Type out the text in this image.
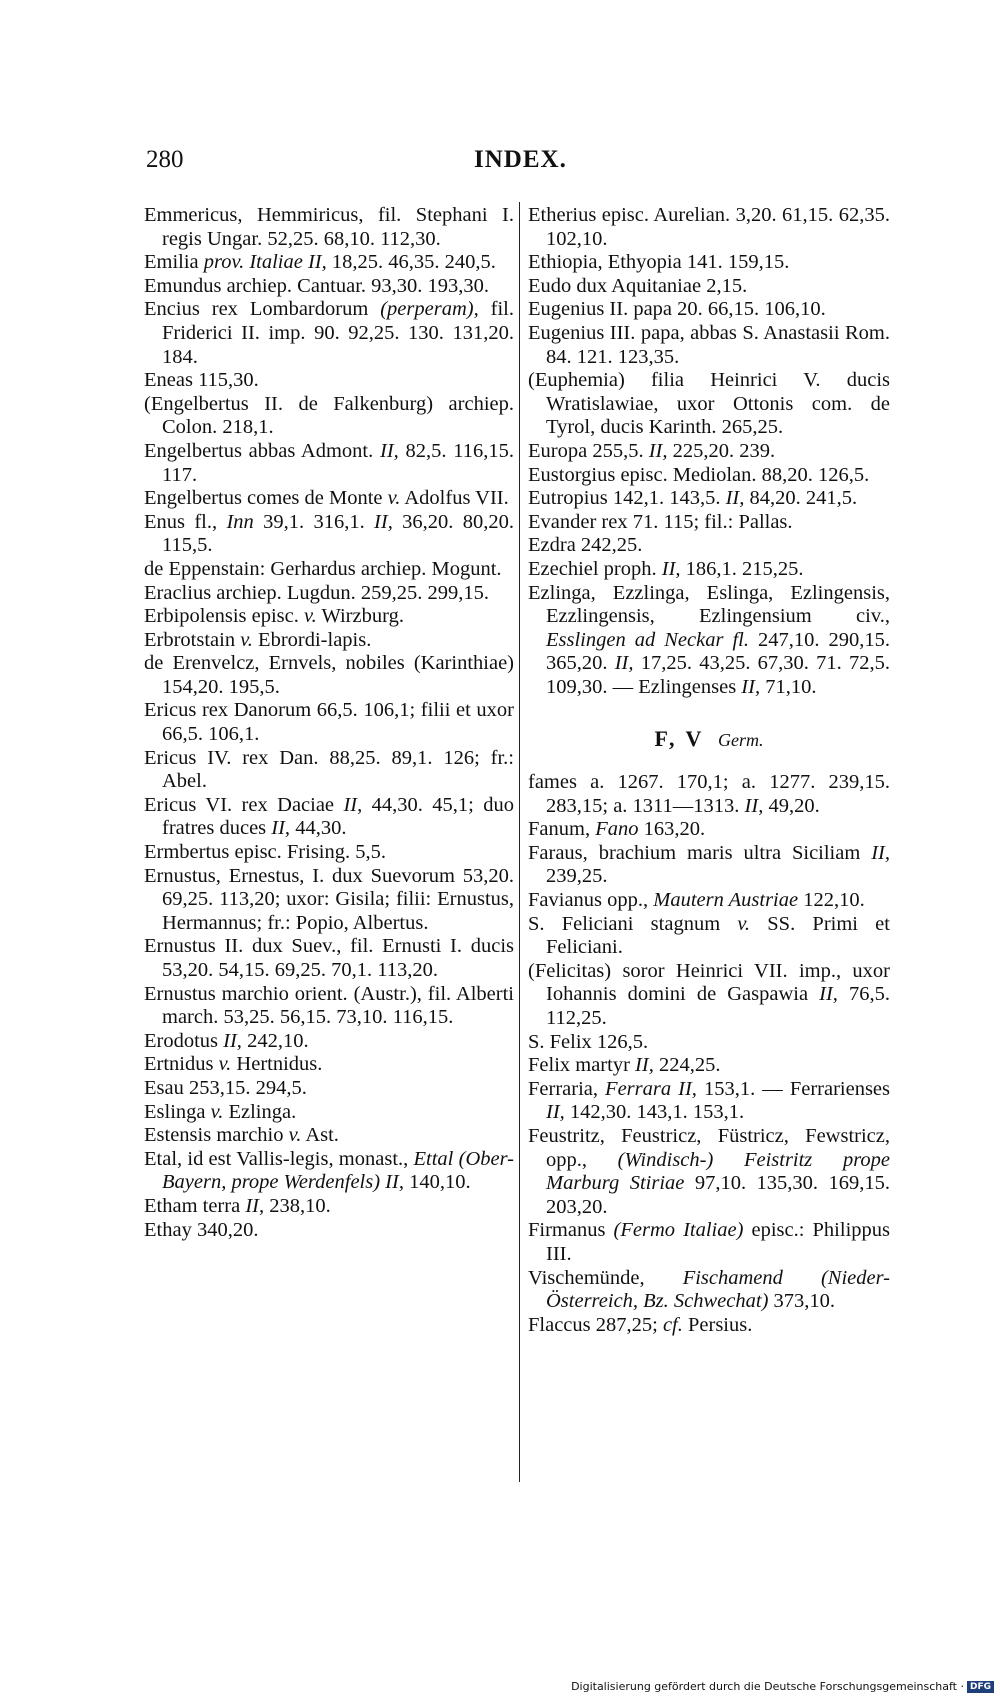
280	INDEX.

Emmericus, Hemmiricus, fil. Stephani I. regis Ungar. 52,25. 68,10. 112,30.

Emilia prov. Italiae II, 18,25. 46,35. 240,5.

Emundus archiep. Cantuar. 93,30. 193,30.

Encius rex Lombardorum (perperam), fil. Friderici II. imp. 90. 92,25. 130. 131,20. 184.

Eneas 115,30.

(Engelbertus II. de Falkenburg) archiep. Colon. 218,1.

Engelbertus abbas Admont. II, 82,5. 116,15. 117.

Engelbertus comes de Monte v. Adolfus VII.

Enus fl., Inn 39,1. 316,1. II, 36,20. 80,20. 115,5.

de Eppenstain: Gerhardus archiep. Mogunt.

Eraclius archiep. Lugdun. 259,25. 299,15.

Erbipolensis episc. v. Wirzburg.

Erbrotstain v. Ebrordi-lapis.

de Erenvelcz, Ernvels, nobiles (Karinthiae) 154,20. 195,5.

Ericus rex Danorum 66,5. 106,1; filii et uxor 66,5. 106,1.

Ericus IV. rex Dan. 88,25. 89,1. 126; fr.: Abel.

Ericus VI. rex Daciae II, 44,30. 45,1; duo fratres duces II, 44,30.

Ermbertus episc. Frising. 5,5.

Ernustus, Ernestus, I. dux Suevorum 53,20. 69,25. 113,20; uxor: Gisila; filii: Ernustus, Hermannus; fr.: Popio, Albertus.

Ernustus II. dux Suev., fil. Ernusti I. ducis 53,20. 54,15. 69,25. 70,1. 113,20.

Ernustus marchio orient. (Austr.), fil. Alberti march. 53,25. 56,15. 73,10. 116,15.

Erodotus II, 242,10.

Ertnidus v. Hertnidus.

Esau 253,15. 294,5.

Eslinga v. Ezlinga.

Estensis marchio v. Ast.

Etal, id est Vallis-legis, monast., Ettal (Ober-Bayern, prope Werdenfels) II, 140,10.

Etham terra II, 238,10.

Ethay 340,20.

Etherius episc. Aurelian. 3,20. 61,15. 62,35. 102,10.

Ethiopia, Ethyopia 141. 159,15.

Eudo dux Aquitaniae 2,15.

Eugenius II. papa 20. 66,15. 106,10.

Eugenius III. papa, abbas S. Anastasii Rom. 84. 121. 123,35.

(Euphemia) filia Heinrici V. ducis Wratislawiae, uxor Ottonis com. de Tyrol, ducis Karinth. 265,25.

Europa 255,5. II, 225,20. 239.

Eustorgius episc. Mediolan. 88,20. 126,5.

Eutropius 142,1. 143,5. II, 84,20. 241,5.

Evander rex 71. 115; fil.: Pallas.

Ezdra 242,25.

Ezechiel proph. II, 186,1. 215,25.

Ezlinga, Ezzlinga, Eslinga, Ezlingensis, Ezzlingensis, Ezlingensium civ., Esslingen ad Neckar fl. 247,10. 290,15. 365,20. II, 17,25. 43,25. 67,30. 71. 72,5. 109,30. — Ezlingenses II, 71,10.

F, V Germ.

fames a. 1267. 170,1; a. 1277. 239,15. 283,15; a. 1311—1313. II, 49,20.

Fanum, Fano 163,20.

Faraus, brachium maris ultra Siciliam II, 239,25.

Favianus opp., Mautern Austriae 122,10.

S. Feliciani stagnum v. SS. Primi et Feliciani.

(Felicitas) soror Heinrici VII. imp., uxor Iohannis domini de Gaspawia II, 76,5. 112,25.

S. Felix 126,5.

Felix martyr II, 224,25.

Ferraria, Ferrara II, 153,1. — Ferrarienses II, 142,30. 143,1. 153,1.

Feustritz, Feustricz, Füstricz, Fewstricz, opp., (Windisch-) Feistritz prope Marburg Stiriae 97,10. 135,30. 169,15. 203,20.

Firmanus (Fermo Italiae) episc.: Philippus III.

Vischemünde, Fischamend (Nieder-Österreich, Bz. Schwechat) 373,10.

Flaccus 287,25; cf. Persius.

Digitalisierung gefördert durch die Deutsche Forschungsgemeinschaft · DFG
